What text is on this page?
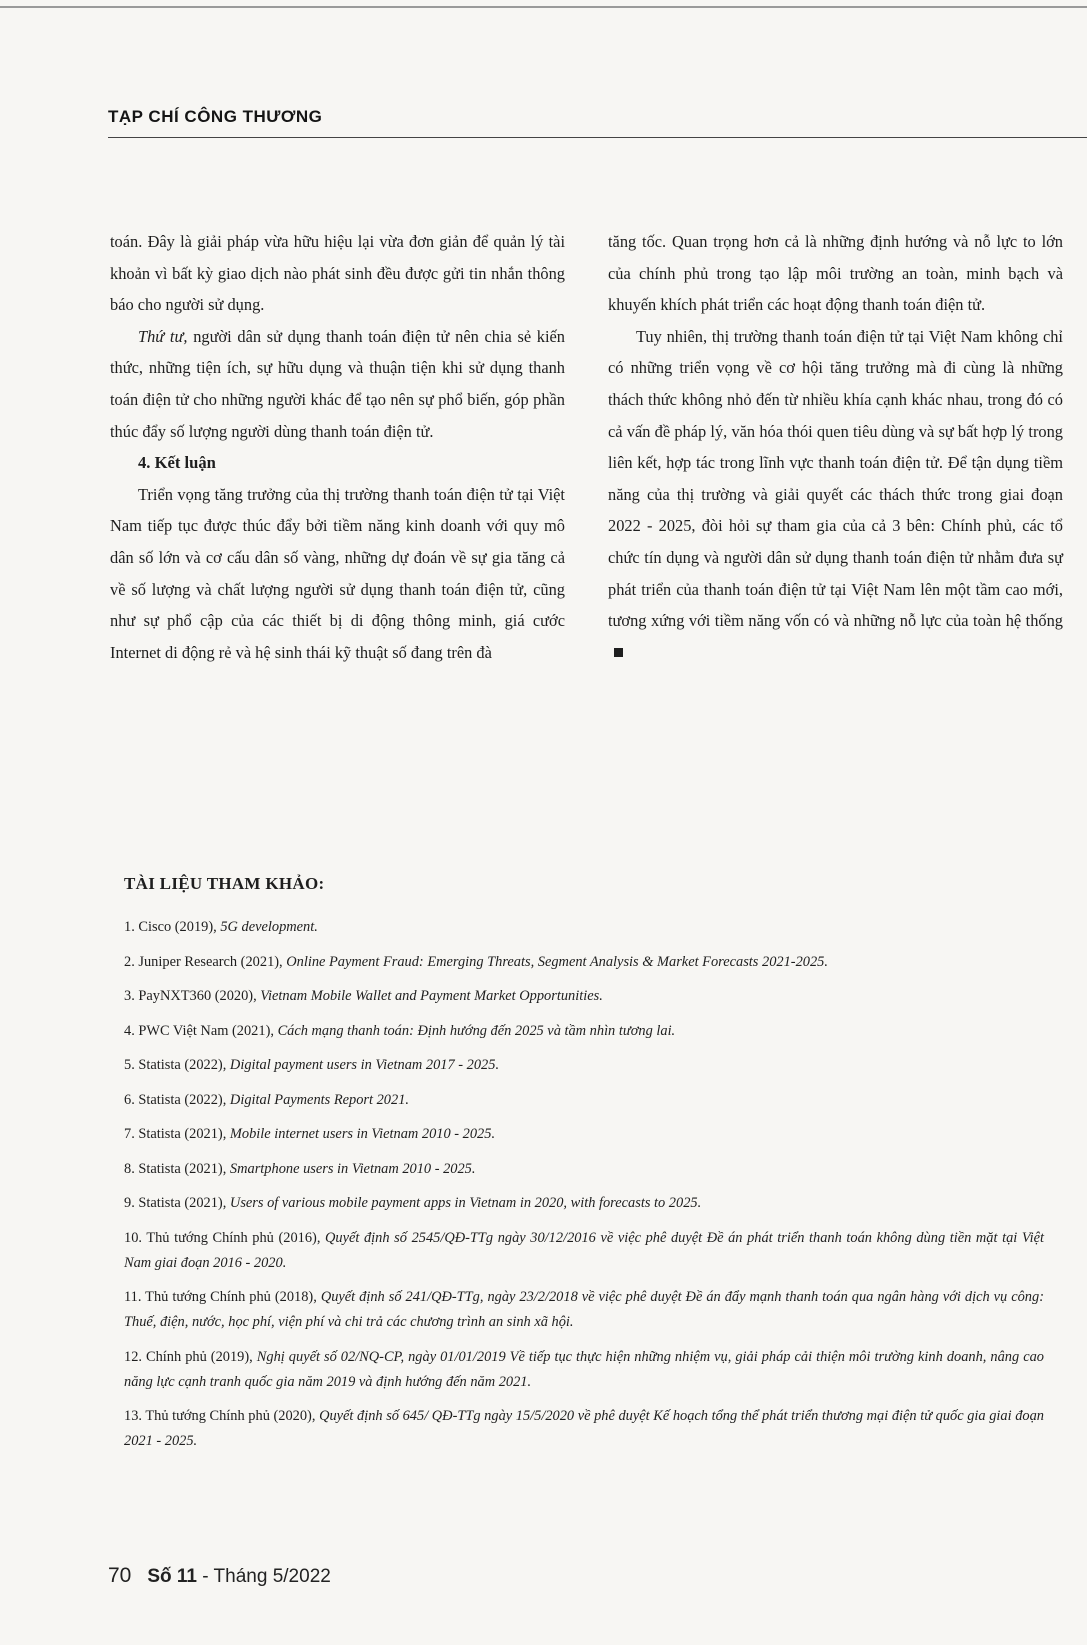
TẠP CHÍ CÔNG THƯƠNG

toán. Đây là giải pháp vừa hữu hiệu lại vừa đơn giản để quản lý tài khoản vì bất kỳ giao dịch nào phát sinh đều được gửi tin nhắn thông báo cho người sử dụng.

Thứ tư, người dân sử dụng thanh toán điện tử nên chia sẻ kiến thức, những tiện ích, sự hữu dụng và thuận tiện khi sử dụng thanh toán điện tử cho những người khác để tạo nên sự phổ biến, góp phần thúc đẩy số lượng người dùng thanh toán điện tử.

4. Kết luận

Triển vọng tăng trưởng của thị trường thanh toán điện tử tại Việt Nam tiếp tục được thúc đẩy bởi tiềm năng kinh doanh với quy mô dân số lớn và cơ cấu dân số vàng, những dự đoán về sự gia tăng cả về số lượng và chất lượng người sử dụng thanh toán điện tử, cũng như sự phổ cập của các thiết bị di động thông minh, giá cước Internet di động rẻ và hệ sinh thái kỹ thuật số đang trên đà

tăng tốc. Quan trọng hơn cả là những định hướng và nỗ lực to lớn của chính phủ trong tạo lập môi trường an toàn, minh bạch và khuyến khích phát triển các hoạt động thanh toán điện tử.

Tuy nhiên, thị trường thanh toán điện tử tại Việt Nam không chỉ có những triển vọng về cơ hội tăng trưởng mà đi cùng là những thách thức không nhỏ đến từ nhiều khía cạnh khác nhau, trong đó có cả vấn đề pháp lý, văn hóa thói quen tiêu dùng và sự bất hợp lý trong liên kết, hợp tác trong lĩnh vực thanh toán điện tử. Để tận dụng tiềm năng của thị trường và giải quyết các thách thức trong giai đoạn 2022 - 2025, đòi hỏi sự tham gia của cả 3 bên: Chính phủ, các tổ chức tín dụng và người dân sử dụng thanh toán điện tử nhằm đưa sự phát triển của thanh toán điện tử tại Việt Nam lên một tầm cao mới, tương xứng với tiềm năng vốn có và những nỗ lực của toàn hệ thống

TÀI LIỆU THAM KHẢO:
1. Cisco (2019), 5G development.
2. Juniper Research (2021), Online Payment Fraud: Emerging Threats, Segment Analysis & Market Forecasts 2021-2025.
3. PayNXT360 (2020), Vietnam Mobile Wallet and Payment Market Opportunities.
4. PWC Việt Nam (2021), Cách mạng thanh toán: Định hướng đến 2025 và tầm nhìn tương lai.
5. Statista (2022), Digital payment users in Vietnam 2017 - 2025.
6. Statista (2022), Digital Payments Report 2021.
7. Statista (2021), Mobile internet users in Vietnam 2010 - 2025.
8. Statista (2021), Smartphone users in Vietnam 2010 - 2025.
9. Statista (2021), Users of various mobile payment apps in Vietnam in 2020, with forecasts to 2025.
10. Thủ tướng Chính phủ (2016), Quyết định số 2545/QĐ-TTg ngày 30/12/2016 về việc phê duyệt Đề án phát triển thanh toán không dùng tiền mặt tại Việt Nam giai đoạn 2016 - 2020.
11. Thủ tướng Chính phủ (2018), Quyết định số 241/QĐ-TTg, ngày 23/2/2018 về việc phê duyệt Đề án đẩy mạnh thanh toán qua ngân hàng với dịch vụ công: Thuế, điện, nước, học phí, viện phí và chi trả các chương trình an sinh xã hội.
12. Chính phủ (2019), Nghị quyết số 02/NQ-CP, ngày 01/01/2019 Về tiếp tục thực hiện những nhiệm vụ, giải pháp cải thiện môi trường kinh doanh, nâng cao năng lực cạnh tranh quốc gia năm 2019 và định hướng đến năm 2021.
13. Thủ tướng Chính phủ (2020), Quyết định số 645/ QĐ-TTg ngày 15/5/2020 về phê duyệt Kế hoạch tổng thể phát triển thương mại điện tử quốc gia giai đoạn 2021 - 2025.
70 Số 11 - Tháng 5/2022
